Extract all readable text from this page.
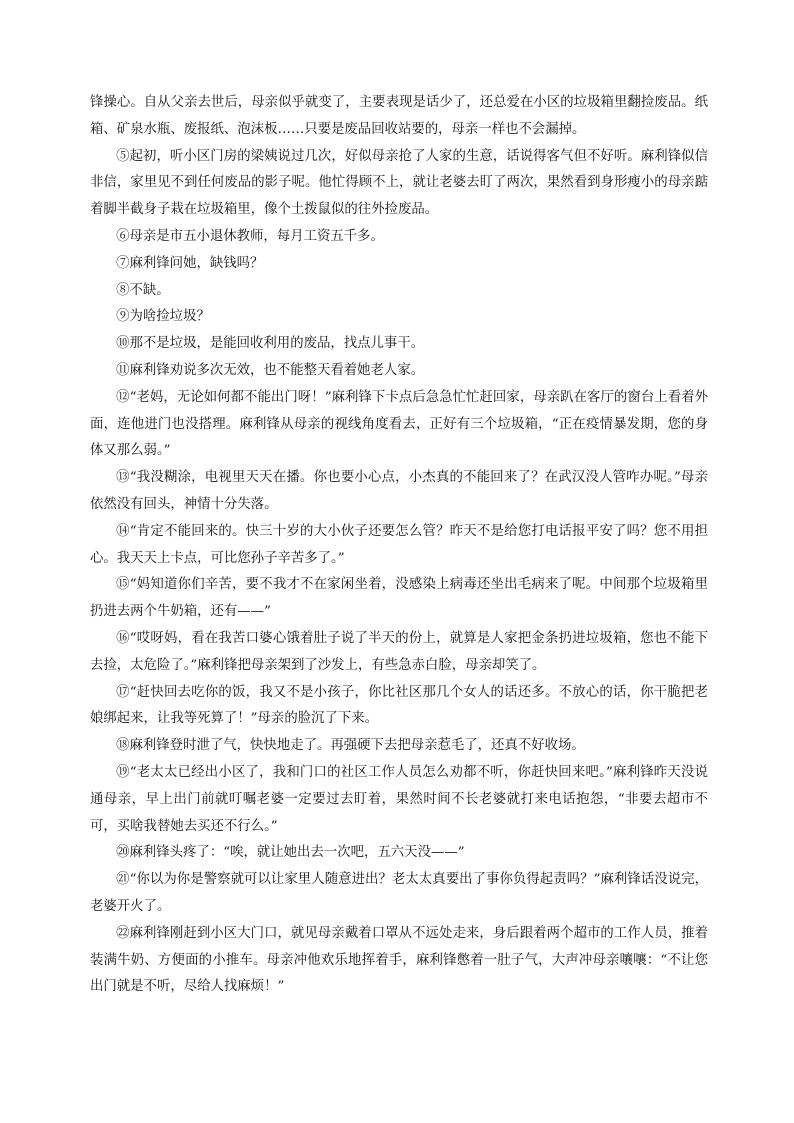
锋操心。自从父亲去世后，母亲似乎就变了，主要表现是话少了，还总爱在小区的垃圾箱里翻捡废品。纸箱、矿泉水瓶、废报纸、泡沫板……只要是废品回收站要的，母亲一样也不会漏掉。

⑤起初，听小区门房的梁姨说过几次，好似母亲抢了人家的生意，话说得客气但不好听。麻利锋似信非信，家里见不到任何废品的影子呢。他忙得顾不上，就让老婆去盯了两次，果然看到身形瘦小的母亲踮着脚半截身子栽在垃圾箱里，像个土拨鼠似的往外捡废品。

⑥母亲是市五小退休教师，每月工资五千多。

⑦麻利锋问她，缺钱吗？

⑧不缺。

⑨为啥捡垃圾？

⑩那不是垃圾，是能回收利用的废品，找点儿事干。

⑪麻利锋劝说多次无效，也不能整天看着她老人家。

⑫“老妈，无论如何都不能出门呀！”麻利锋下卡点后急急忙忙赶回家，母亲趴在客厅的窗台上看着外面，连他进门也没搭理。麻利锋从母亲的视线角度看去，正好有三个垃圾箱，“正在疫情暴发期，您的身体又那么弱。”

⑬“我没糊涂，电视里天天在播。你也要小心点，小杰真的不能回来了？在武汉没人管咋办呢。”母亲依然没有回头，神情十分失落。

⑭“肯定不能回来的。快三十岁的大小伙子还要怎么管？昨天不是给您打电话报平安了吗？您不用担心。我天天上卡点，可比您孙子辛苦多了。”

⑮“妈知道你们辛苦，要不我才不在家闲坐着，没感染上病毒还坐出毛病来了呢。中间那个垃圾箱里扔进去两个牛奶箱，还有——”

⑯“哎呀妈，看在我苦口婆心饿着肚子说了半天的份上，就算是人家把金条扔进垃圾箱，您也不能下去捡，太危险了。”麻利锋把母亲架到了沙发上，有些急赤白脸，母亲却笑了。

⑰“赶快回去吃你的饭，我又不是小孩子，你比社区那几个女人的话还多。不放心的话，你干脆把老娘绑起来，让我等死算了！”母亲的脸沉了下来。

⑱麻利锋登时泄了气，快快地走了。再强硬下去把母亲惹毛了，还真不好收场。

⑲“老太太已经出小区了，我和门口的社区工作人员怎么劝都不听，你赶快回来吧。”麻利锋昨天没说通母亲，早上出门前就叮嘱老婆一定要过去盯着，果然时间不长老婆就打来电话抱怨，“非要去超市不可，买啥我替她去买还不行么。”

⑳麻利锋头疼了：“唉，就让她出去一次吧，五六天没——”

㉑“你以为你是警察就可以让家里人随意进出？老太太真要出了事你负得起责吗？”麻利锋话没说完，老婆开火了。

㉒麻利锋刚赶到小区大门口，就见母亲戴着口罩从不远处走来，身后跟着两个超市的工作人员，推着装满牛奶、方便面的小推车。母亲冲他欢乐地挥着手，麻利锋憋着一肚子气，大声冲母亲嚷嚷：“不让您出门就是不听，尽给人找麻烦！”
